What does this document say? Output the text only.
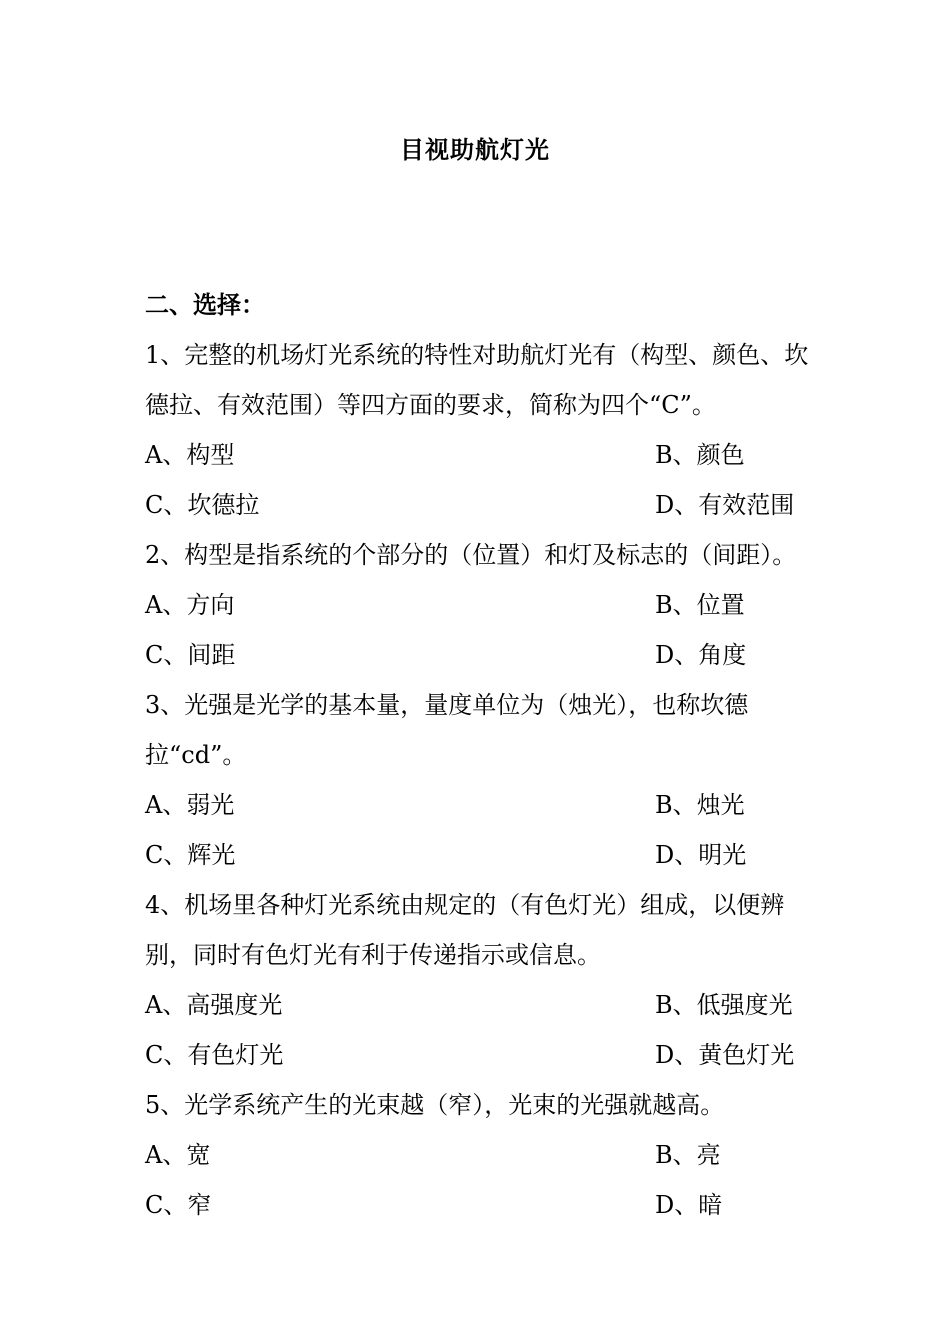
目视助航灯光
二、选择：

1、完整的机场灯光系统的特性对助航灯光有（构型、颜色、坎德拉、有效范围）等四方面的要求，简称为四个“C”。

A、构型	B、颜色
C、坎德拉	D、有效范围

2、构型是指系统的个部分的（位置）和灯及标志的（间距）。

A、方向	B、位置
C、间距	D、角度

3、光强是光学的基本量，量度单位为（烛光），也称坎德拉“cd”。

A、弱光	B、烛光
C、辉光	D、明光

4、机场里各种灯光系统由规定的（有色灯光）组成，以便辨别，同时有色灯光有利于传递指示或信息。

A、高强度光	B、低强度光
C、有色灯光	D、黄色灯光

5、光学系统产生的光束越（窄），光束的光强就越高。

A、宽	B、亮
C、窄	D、暗
